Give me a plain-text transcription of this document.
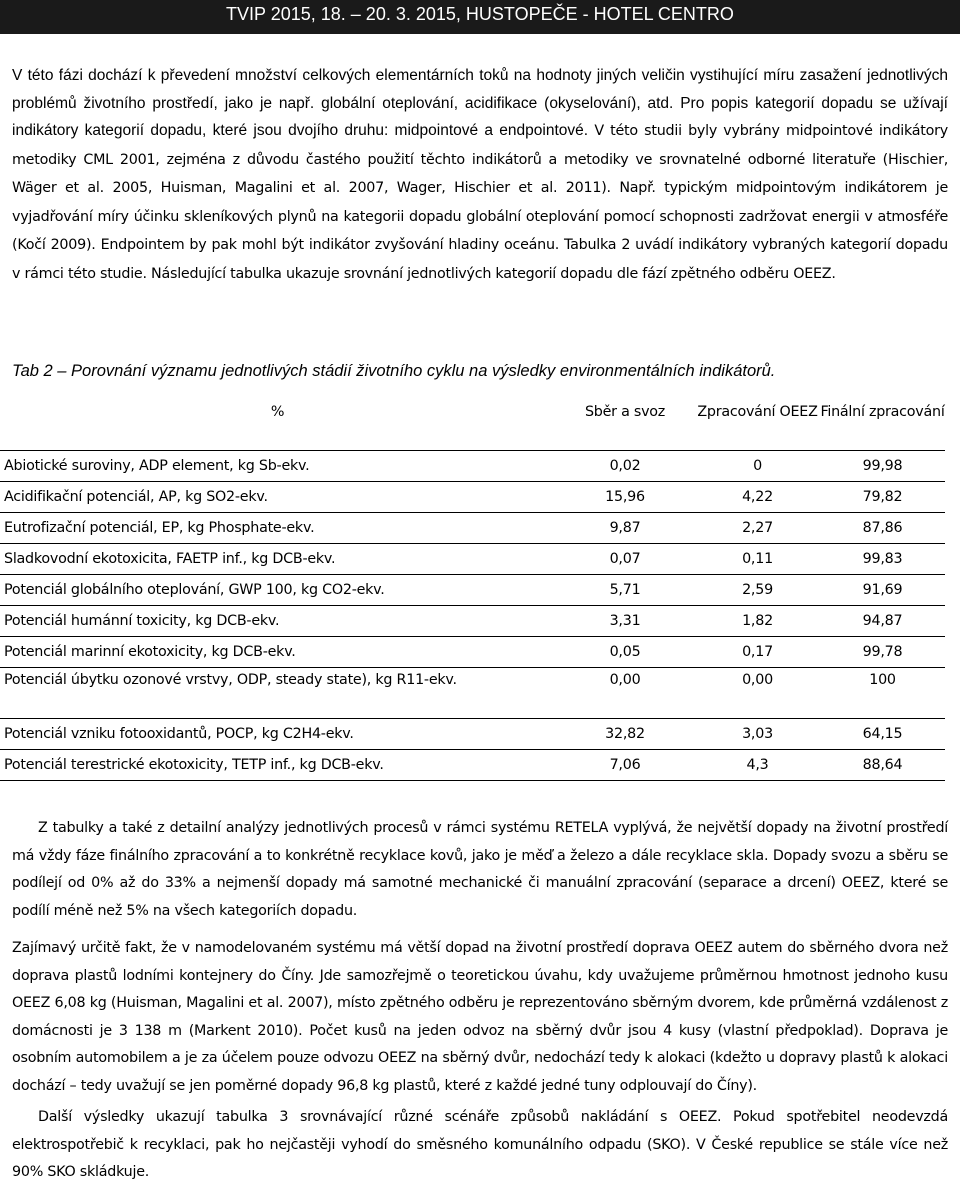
TVIP 2015, 18. – 20. 3. 2015, HUSTOPEČE - HOTEL CENTRO
V této fázi dochází k převedení množství celkových elementárních toků na hodnoty jiných veličin vystihující míru zasažení jednotlivých problémů životního prostředí, jako je např. globální oteplování, acidifikace (okyselování), atd. Pro popis kategorií dopadu se užívají indikátory kategorií dopadu, které jsou dvojího druhu: midpointové a endpointové. V této studii byly vybrány midpointové indikátory metodiky CML 2001, zejména z důvodu častého použití těchto indikátorů a metodiky ve srovnatelné odborné literatuře (Hischier, Wäger et al. 2005, Huisman, Magalini et al. 2007, Wager, Hischier et al. 2011). Např. typickým midpointovým indikátorem je vyjadřování míry účinku skleníkových plynů na kategorii dopadu globální oteplování pomocí schopnosti zadržovat energii v atmosféře (Kočí 2009). Endpointem by pak mohl být indikátor zvyšování hladiny oceánu. Tabulka 2 uvádí indikátory vybraných kategorií dopadu v rámci této studie. Následující tabulka ukazuje srovnání jednotlivých kategorií dopadu dle fází zpětného odběru OEEZ.

Tab 2 – Porovnání významu jednotlivých stádií životního cyklu na výsledky environmentálních indikátorů.

%	Sběr a svoz	Zpracování OEEZ	Finální zpracování
Abiotické suroviny, ADP element, kg Sb-ekv.	0,02	0	99,98
Acidifikační potenciál, AP, kg SO2-ekv.	15,96	4,22	79,82
Eutrofizační potenciál, EP, kg Phosphate-ekv.	9,87	2,27	87,86
Sladkovodní ekotoxicita, FAETP inf., kg DCB-ekv.	0,07	0,11	99,83
Potenciál globálního oteplování, GWP 100, kg CO2-ekv.	5,71	2,59	91,69
Potenciál humánní toxicity, kg DCB-ekv.	3,31	1,82	94,87
Potenciál marinní ekotoxicity, kg DCB-ekv.	0,05	0,17	99,78
Potenciál úbytku ozonové vrstvy, ODP, steady state), kg R11-ekv.	0,00	0,00	100
Potenciál vzniku fotooxidantů, POCP, kg C2H4-ekv.	32,82	3,03	64,15
Potenciál terestrické ekotoxicity, TETP inf., kg DCB-ekv.	7,06	4,3	88,64
Z tabulky a také z detailní analýzy jednotlivých procesů v rámci systému RETELA vyplývá, že největší dopady na životní prostředí má vždy fáze finálního zpracování a to konkrétně recyklace kovů, jako je měď a železo a dále recyklace skla. Dopady svozu a sběru se podílejí od 0% až do 33% a nejmenší dopady má samotné mechanické či manuální zpracování (separace a drcení) OEEZ, které se podílí méně než 5% na všech kategoriích dopadu.
Zajímavý určitě fakt, že v namodelovaném systému má větší dopad na životní prostředí doprava OEEZ autem do sběrného dvora než doprava plastů lodními kontejnery do Číny. Jde samozřejmě o teoretickou úvahu, kdy uvažujeme průměrnou hmotnost jednoho kusu OEEZ 6,08 kg (Huisman, Magalini et al. 2007), místo zpětného odběru je reprezentováno sběrným dvorem, kde průměrná vzdálenost z domácnosti je 3 138 m (Markent 2010). Počet kusů na jeden odvoz na sběrný dvůr jsou 4 kusy (vlastní předpoklad). Doprava je osobním automobilem a je za účelem pouze odvozu OEEZ na sběrný dvůr, nedochází tedy k alokaci (kdežto u dopravy plastů k alokaci dochází – tedy uvažují se jen poměrné dopady 96,8 kg plastů, které z každé jedné tuny odplouvají do Číny).
Další výsledky ukazují tabulka 3 srovnávající různé scénáře způsobů nakládání s OEEZ. Pokud spotřebitel neodevzdá elektrospotřebič k recyklaci, pak ho nejčastěji vyhodí do směsného komunálního odpadu (SKO). V České republice se stále více než 90% SKO skládkuje.
